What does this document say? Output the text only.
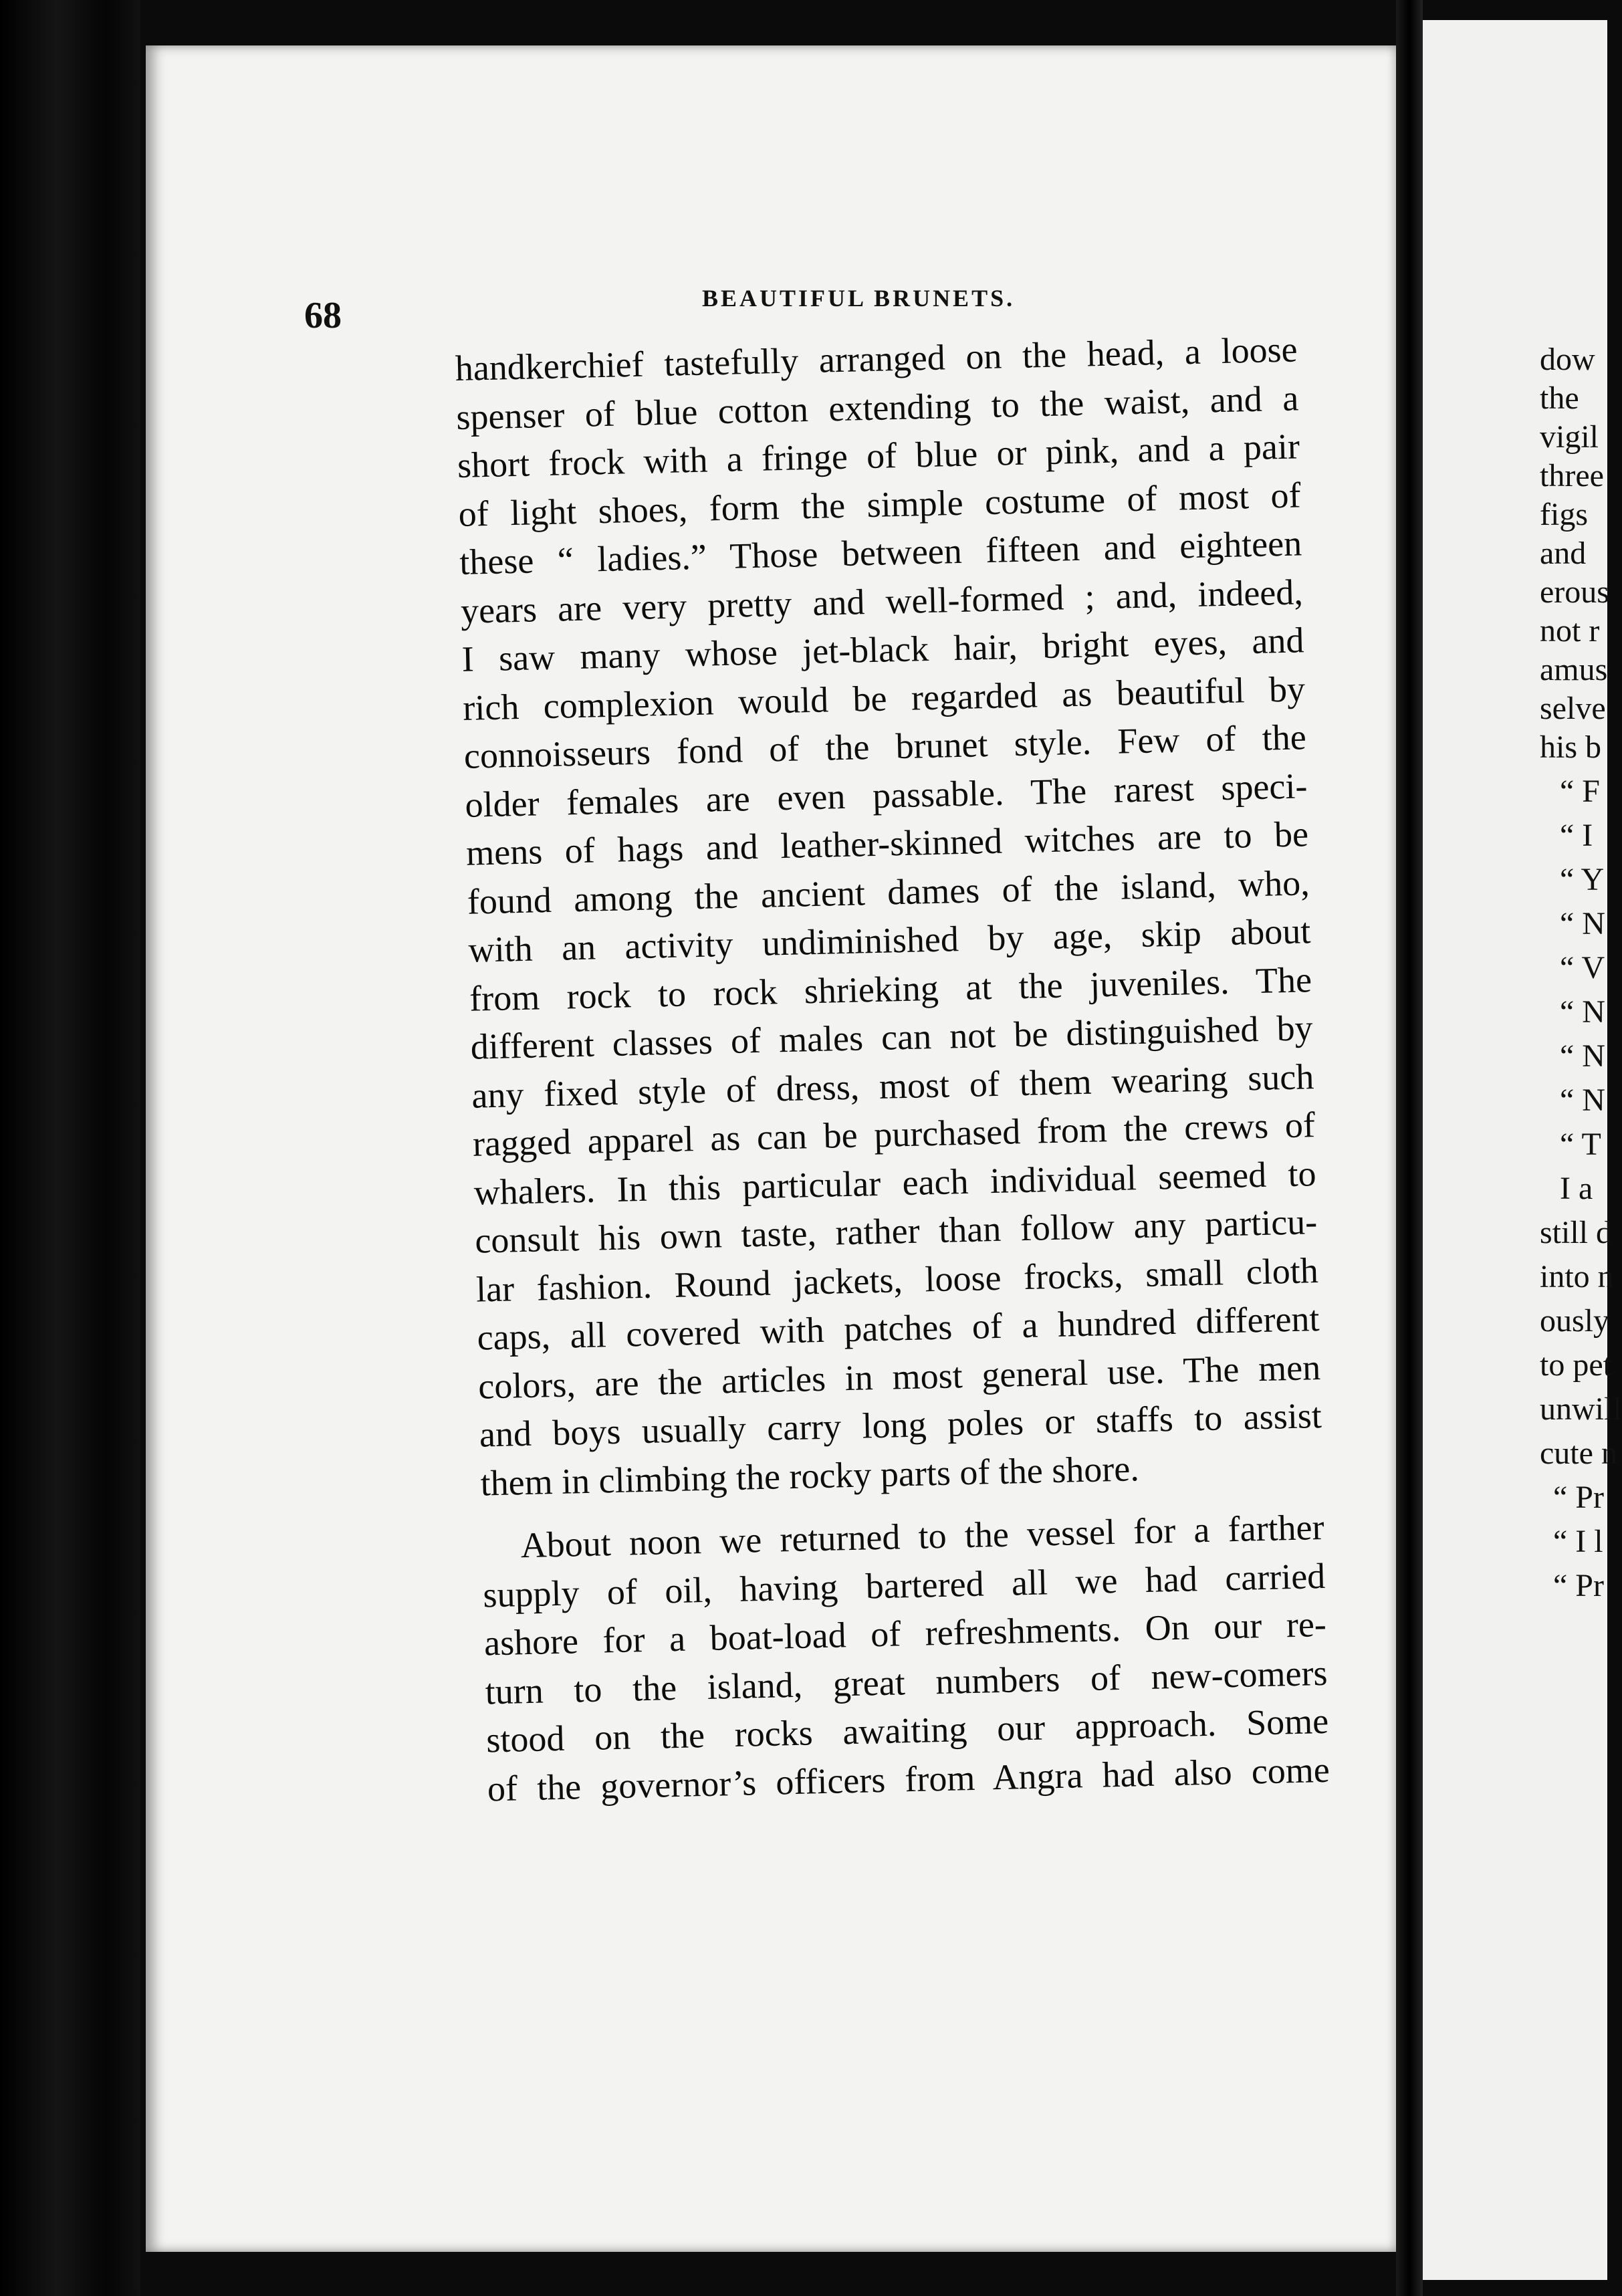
68	BEAUTIFUL BRUNETS.
handkerchief tastefully arranged on the head, a loose
spenser of blue cotton extending to the waist, and a
short frock with a fringe of blue or pink, and a pair
of light shoes, form the simple costume of most of
these “ ladies.” Those between fifteen and eighteen
years are very pretty and well-formed ; and, indeed,
I saw many whose jet-black hair, bright eyes, and
rich complexion would be regarded as beautiful by
connoisseurs fond of the brunet style. Few of the
older females are even passable. The rarest speci-
mens of hags and leather-skinned witches are to be
found among the ancient dames of the island, who,
with an activity undiminished by age, skip about
from rock to rock shrieking at the juveniles. The
different classes of males can not be distinguished by
any fixed style of dress, most of them wearing such
ragged apparel as can be purchased from the crews of
whalers. In this particular each individual seemed to
consult his own taste, rather than follow any particu-
lar fashion. Round jackets, loose frocks, small cloth
caps, all covered with patches of a hundred different
colors, are the articles in most general use. The men
and boys usually carry long poles or staffs to assist
them in climbing the rocky parts of the shore.
About noon we returned to the vessel for a farther
supply of oil, having bartered all we had carried
ashore for a boat-load of refreshments. On our re-
turn to the island, great numbers of new-comers
stood on the rocks awaiting our approach. Some
of the governor’s officers from Angra had also come
dow
the
vigil
three
figs
and
erous
not r
amus
selve
his b
“ F
“ I
“ Y
“ N
“ V
“ N
“ N
“ N
“ T
I a
still d
into n
ously
to pet
unwill
cute n
“ Pr
“ I l
“ Pr
